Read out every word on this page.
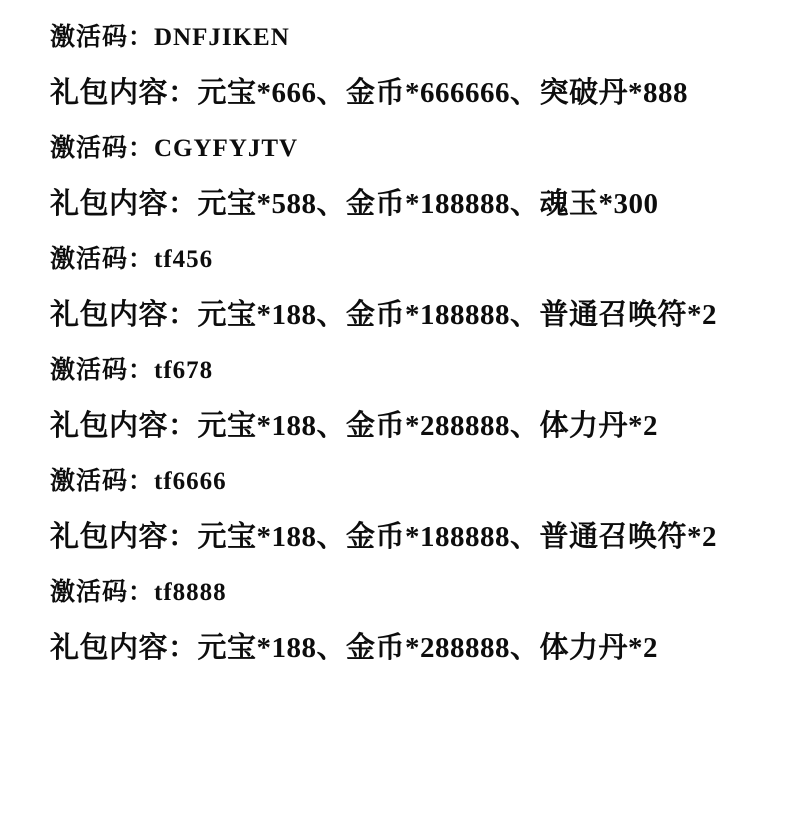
激活码：DNFJIKEN

礼包内容：元宝*666、金币*666666、突破丹*888

激活码：CGYFYJTV

礼包内容：元宝*588、金币*188888、魂玉*300

激活码：tf456

礼包内容：元宝*188、金币*188888、普通召唤符*2

激活码：tf678

礼包内容：元宝*188、金币*288888、体力丹*2

激活码：tf6666

礼包内容：元宝*188、金币*188888、普通召唤符*2

激活码：tf8888

礼包内容：元宝*188、金币*288888、体力丹*2
